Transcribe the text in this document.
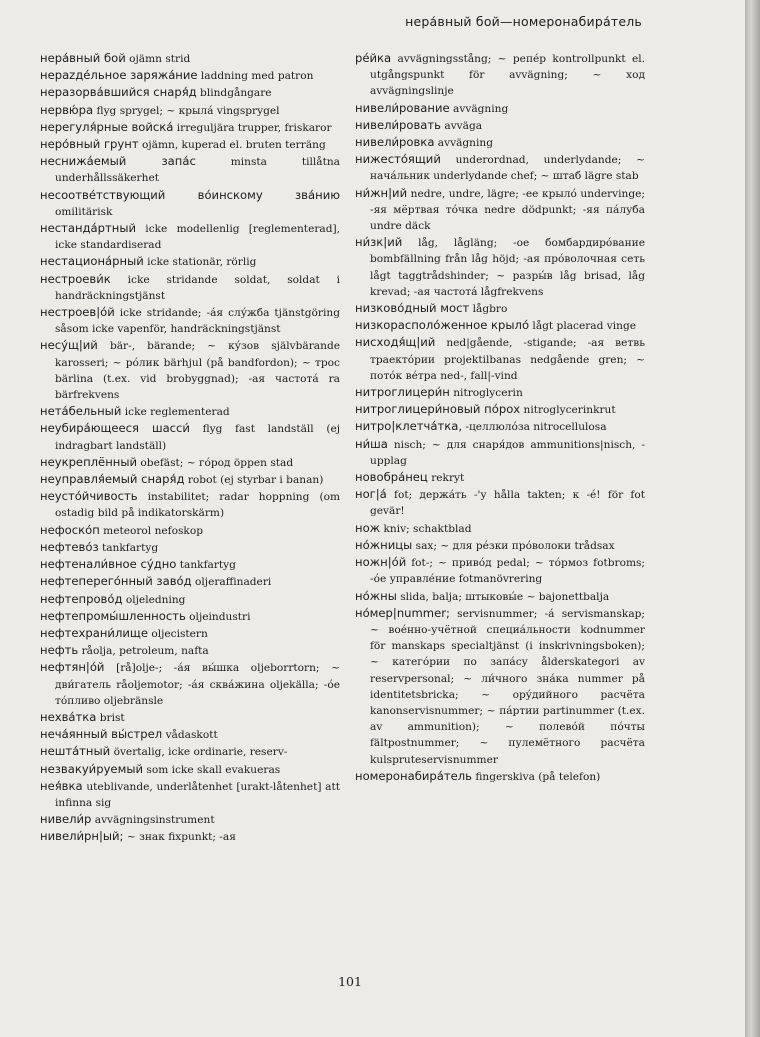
нера́вный бой—номеронабира́тель
нера́вный бой ojämn strid
нерazде́льное заряжа́ние laddning med patron
неразорва́вшийся снаря́д blindgångare
нервю́ра flyg sprygel; ~ крыла́ vingsprygel
нерегуля́рные войска́ irreguljära trupper, friskaror
неро́вный грунт ojämn, kuperad el. bruten terräng
неснижа́емый запа́с minsta tillåtna underhållssäkerhet
несоотве́тствующий во́инскому зва́нию omilitärisk
нестанда́ртный icke modellenlig [reglementerad], icke standardiserad
нестациона́рный icke stationär, rörlig
нестроеви́к icke stridande soldat, soldat i handräckningstjänst
нестроев|о́й icke stridande; -а́я слу́жба tjänstgöring såsom icke vapenför, handräckningstjänst
несу́щ|ий bär-, bärande; ~ ку́зов självbärande karosseri; ~ ро́лик bärhjul (på bandfordon); ~ трос bärlina (t.ex. vid brobyggnad); -ая частота́ ra bärfrekvens
нета́бельный icke reglementerad
неубира́ющееся шасси́ flyg fast landställ (ej indragbart landställ)
неукреплённый obefäst; ~ го́род öppen stad
неуправля́емый снаря́д robot (ej styrbar i banan)
неусто́йчивость instabilitet; radar hoppning (om ostadig bild på indikatorskärm)
нефоско́п meteorol nefoskop
нефтево́з tankfartyg
нефтенали́вное су́дно tankfartyg
нефтеперего́нный заво́д oljeraffinaderi
нефтепрово́д oljeledning
нефтепромы́шленность oljeindustri
нефтехрани́лище oljecistern
нефть råolja, petroleum, nafta
нефтян|о́й [rå]olje-; -а́я вы́шка oljeborrtorn; ~ дви́гатель råoljemotor; -а́я сква́жина oljekälla; -о́е то́пливо oljebränsle
нехва́тка brist
неча́янный вы́стрел vådaskott
нешта́тный övertalig, icke ordinarie, reserv-
незвакуи́руемый som icke skall evakueras
нея́вка uteblivande, underlåtenhet [urakt-låtenhet] att infinna sig
нивели́р avvägningsinstrument
нивели́рн|ый; ~ знак fixpunkt; -ая
ре́йка avvägningsstång; ~ репе́р kontrollpunkt el. utgångspunkt för avvägning; ~ ход avvägningslinje
нивели́рование avvägning
нивели́ровать avväga
нивели́ровка avvägning
нижесто́ящий underordnad, underlydande; ~ нача́льник underlydande chef; ~ штаб lägre stab
ни́жн|ий nedre, undre, lägre; -ее крыло́ undervinge; -яя мёртвая то́чка nedre dödpunkt; -яя па́луба undre däck
ни́зк|ий låg, lågläng; -ое бомбардиро́вание bombfällning från låg höjd; -ая про́волочная сеть lågt taggtrådshinder; ~ разры́в låg brisad, låg krevad; -ая частота́ lågfrekvens
низково́дный мост lågbro
низкорасполо́женное крыло́ lågt placerad vinge
нисходя́щ|ий ned|gående, -stigande; -ая ветвь траекто́рии projektilbanas nedgående gren; ~ пото́к ве́тра ned-, fall|-vind
нитроглицери́н nitroglycerin
нитроглицери́новый по́рох nitroglycerinkrut
нитро|клетча́тка, -целлюло́за nitrocellulosa
ни́ша nisch; ~ для снаря́дов ammunitions|nisch, -upplag
новобра́нец rekryt
ног|а́ fot; держа́ть -'у hålla takten; к -é! för fot gevär!
нож kniv; schaktblad
но́жницы sax; ~ для ре́зки про́волоки trådsax
ножн|о́й fot-; ~ приво́д pedal; ~ то́рмоз fotbroms; -о́е управле́ние fotmanövrering
но́жны slida, balja; штыковы́е ~ bajonettbalja
но́мер|nummer; servisnummer; -а́ servismanskap; ~ вое́нно-учётной специа́льности kodnummer för manskaps specialtjänst (i inskrivningsboken); ~ катего́рии по запа́су ålderskategori av reservpersonal; ~ ли́чного зна́ка nummer på identitetsbricka; ~ ору́дийного расчёта kanonservisnummer; ~ па́ртии partinummer (t.ex. av ammunition); ~ полево́й по́чты fältpostnummer; ~ пулемётного расчёта kulspruteservisnummer
номеронабира́тель fingerskiva (på telefon)
101
